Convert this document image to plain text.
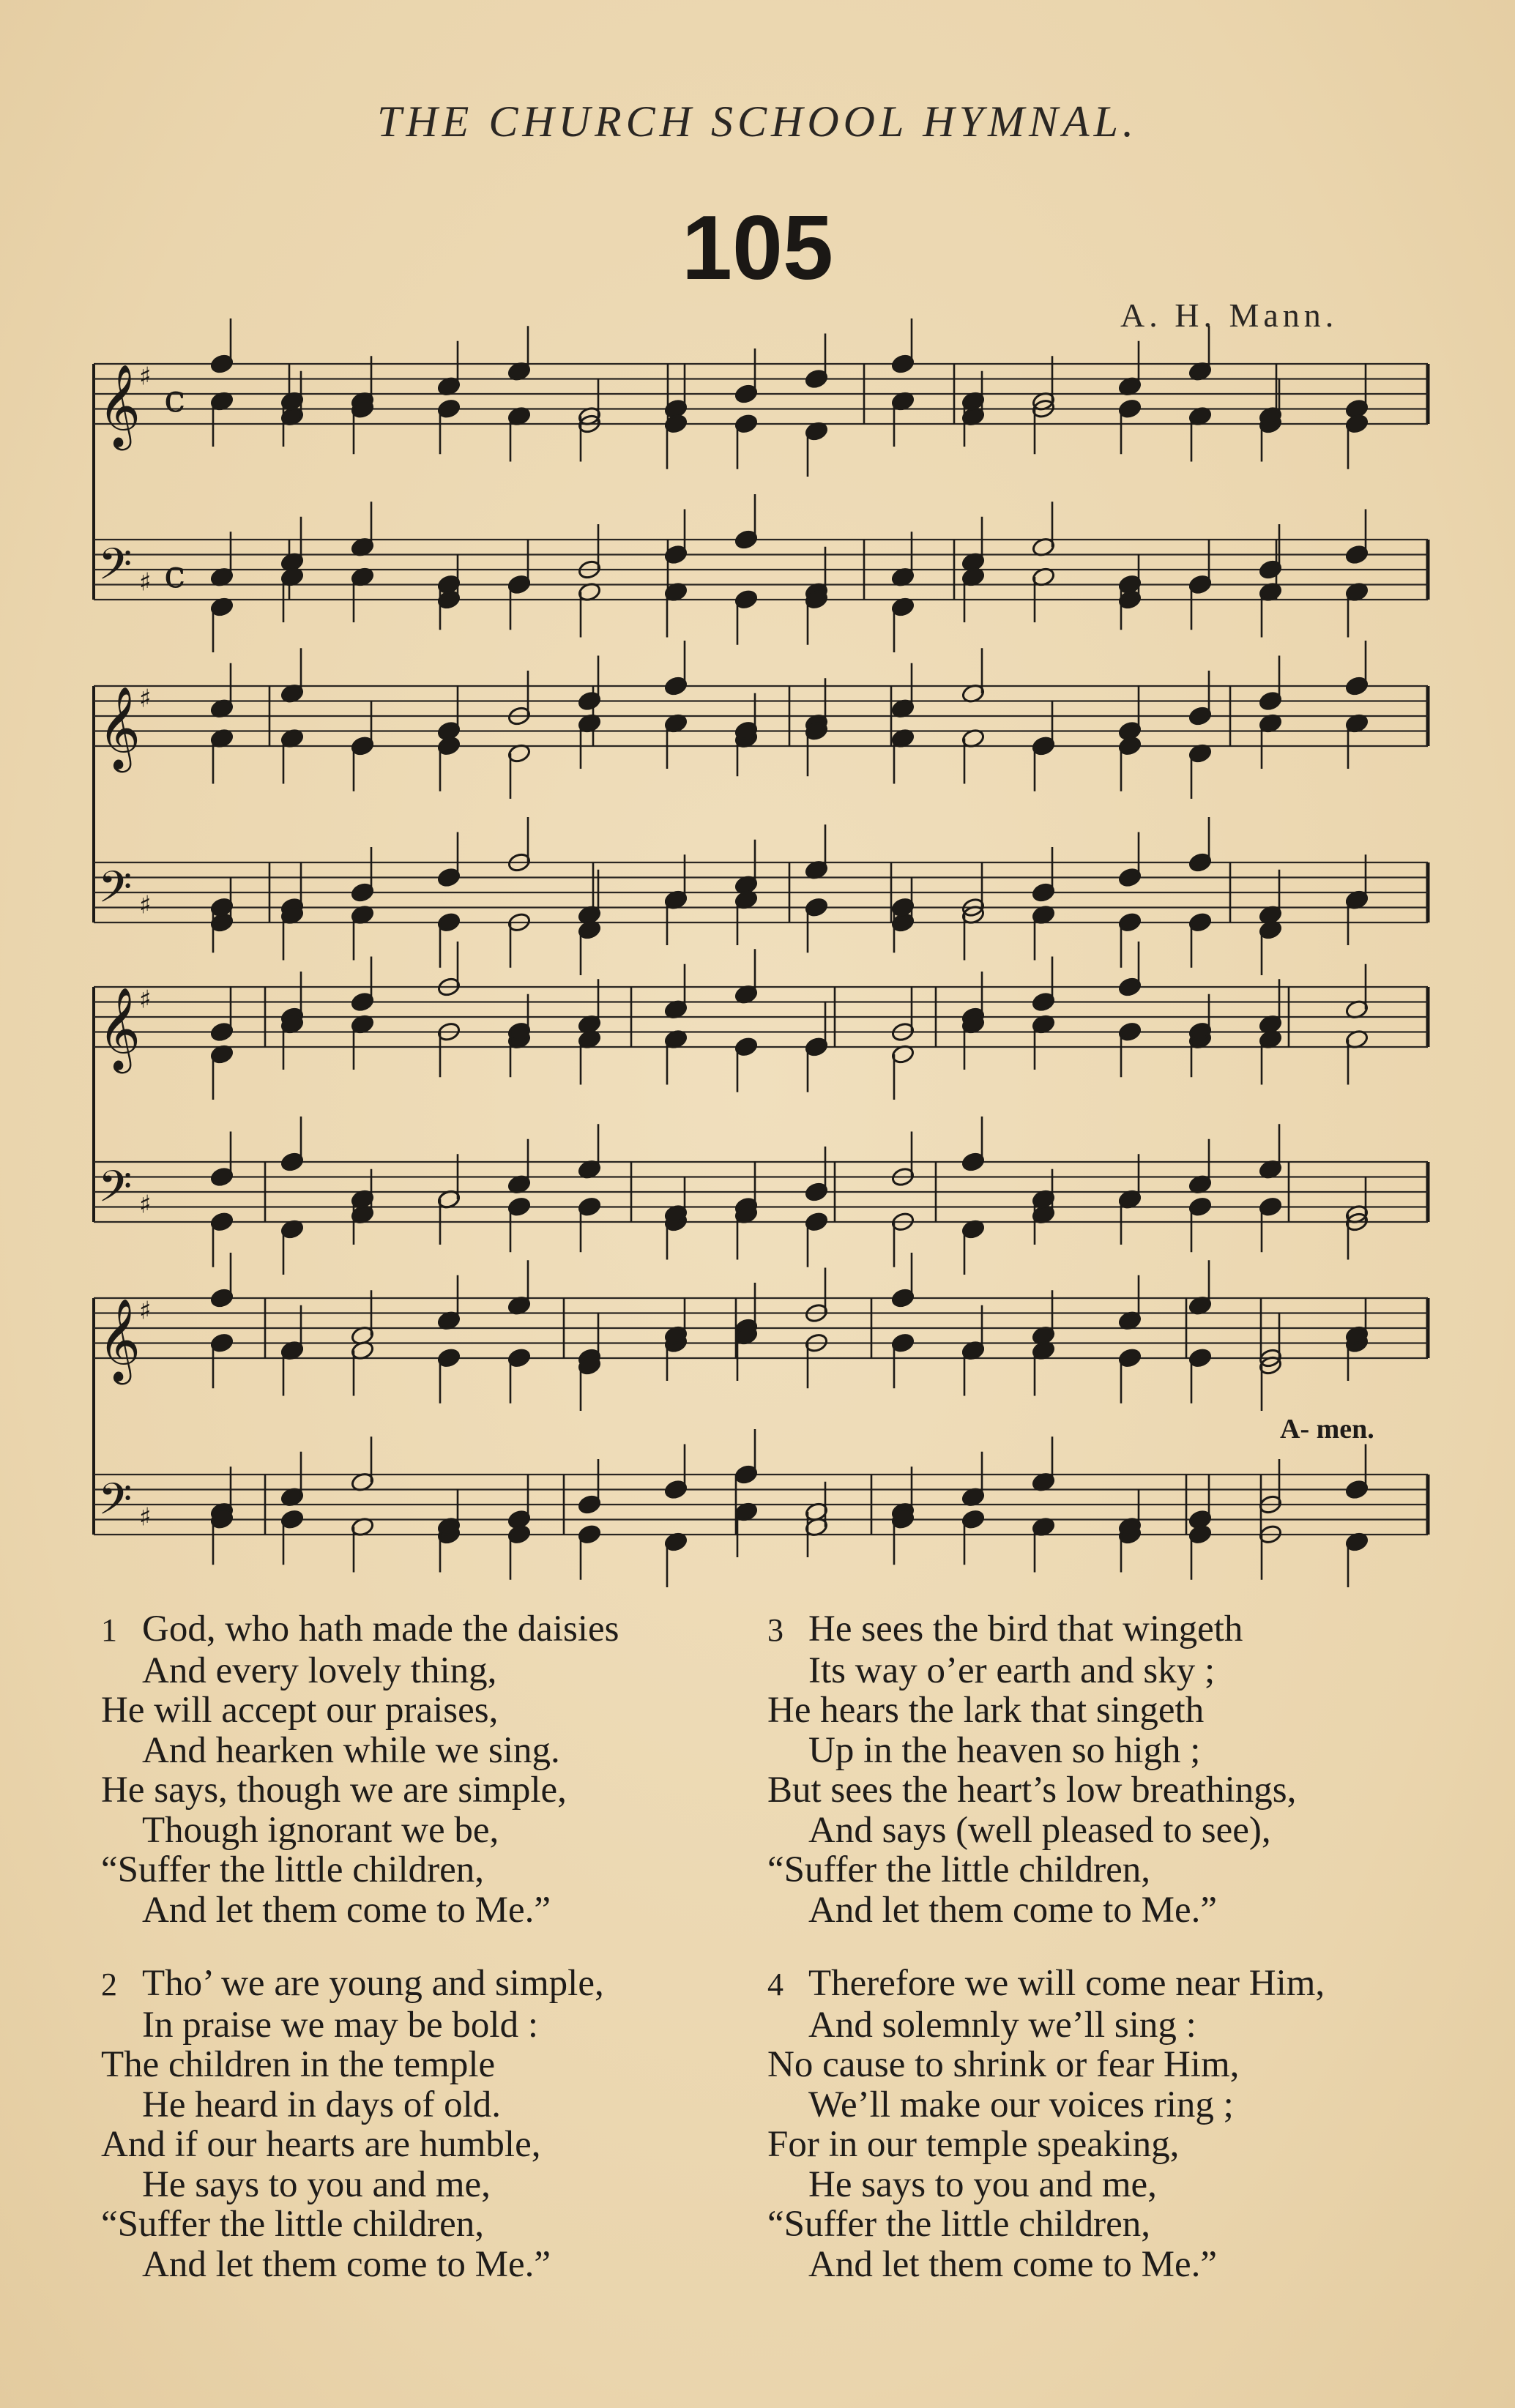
THE CHURCH SCHOOL HYMNAL.
105
A. H. Mann.
𝄞
♯
c
𝄢 ♯ c
𝄞
♯
𝄢 ♯
𝄞
♯
𝄢 ♯
𝄞
♯
𝄢 ♯
A- men.
1 God, who hath made the daisies
And every lovely thing,
He will accept our praises,
And hearken while we sing.
He says, though we are simple,
Though ignorant we be,
“Suffer the little children,
And let them come to Me.”
2 Tho’ we are young and simple,
In praise we may be bold :
The children in the temple
He heard in days of old.
And if our hearts are humble,
He says to you and me,
“Suffer the little children,
And let them come to Me.”
3 He sees the bird that wingeth
Its way o’er earth and sky ;
He hears the lark that singeth
Up in the heaven so high ;
But sees the heart’s low breathings,
And says (well pleased to see),
“Suffer the little children,
And let them come to Me.”
4 Therefore we will come near Him,
And solemnly we’ll sing :
No cause to shrink or fear Him,
We’ll make our voices ring ;
For in our temple speaking,
He says to you and me,
“Suffer the little children,
And let them come to Me.”
